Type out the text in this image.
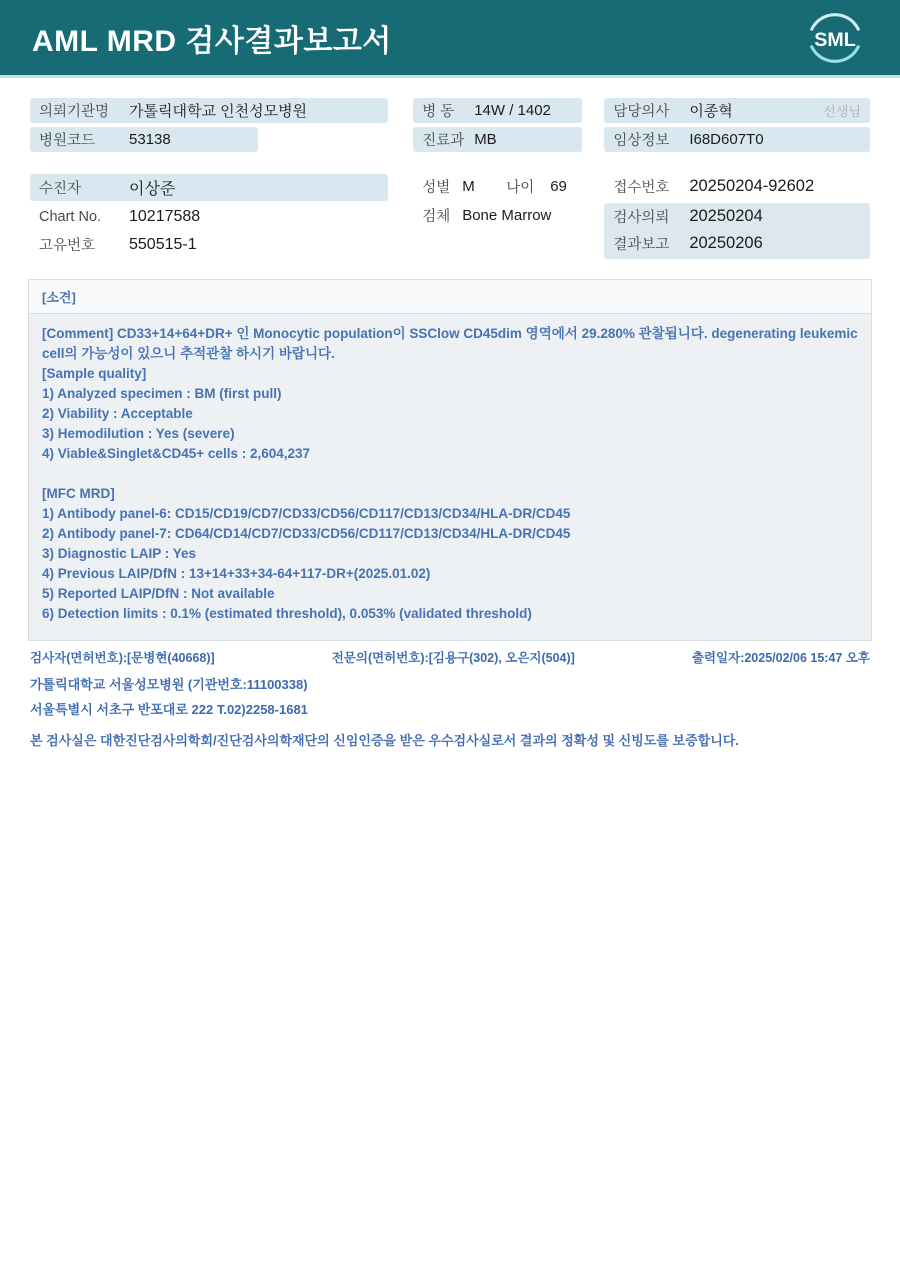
AML MRD 검사결과보고서	SML
의뢰기관명	가톨릭대학교 인천성모병원
병원코드	53138
병 동	14W / 1402
진료과 MB
담당의사	이종혁	선생님
임상정보	I68D607T0
수진자	이상준
Chart No.	10217588
고유번호	550515-1
성별 M 나이	69
검체 Bone Marrow
접수번호	20250204-92602
검사의뢰	20250204
결과보고	20250206
[소견]
[Comment] CD33+14+64+DR+ 인 Monocytic population이 SSClow CD45dim 영역에서 29.280% 관찰됩니다. degenerating leukemic cell의 가능성이 있으니 추적관찰 하시기 바랍니다.
[Sample quality]
1) Analyzed specimen : BM (first pull)
2) Viability : Acceptable
3) Hemodilution : Yes (severe)
4) Viable&Singlet&CD45+ cells : 2,604,237

[MFC MRD]
1) Antibody panel-6: CD15/CD19/CD7/CD33/CD56/CD117/CD13/CD34/HLA-DR/CD45
2) Antibody panel-7: CD64/CD14/CD7/CD33/CD56/CD117/CD13/CD34/HLA-DR/CD45
3) Diagnostic LAIP : Yes
4) Previous LAIP/DfN : 13+14+33+34-64+117-DR+(2025.01.02)
5) Reported LAIP/DfN : Not available
6) Detection limits : 0.1% (estimated threshold), 0.053% (validated threshold)
검사자(면허번호):[문병현(40668)]	전문의(면허번호):[김용구(302), 오은지(504)]	출력일자:2025/02/06 15:47 오후
가톨릭대학교 서울성모병원 (기관번호:11100338)
서울특별시 서초구 반포대로 222 T.02)2258-1681
본 검사실은 대한진단검사의학회/진단검사의학재단의 신임인증을 받은 우수검사실로서 결과의 정확성 및 신빙도를 보증합니다.
